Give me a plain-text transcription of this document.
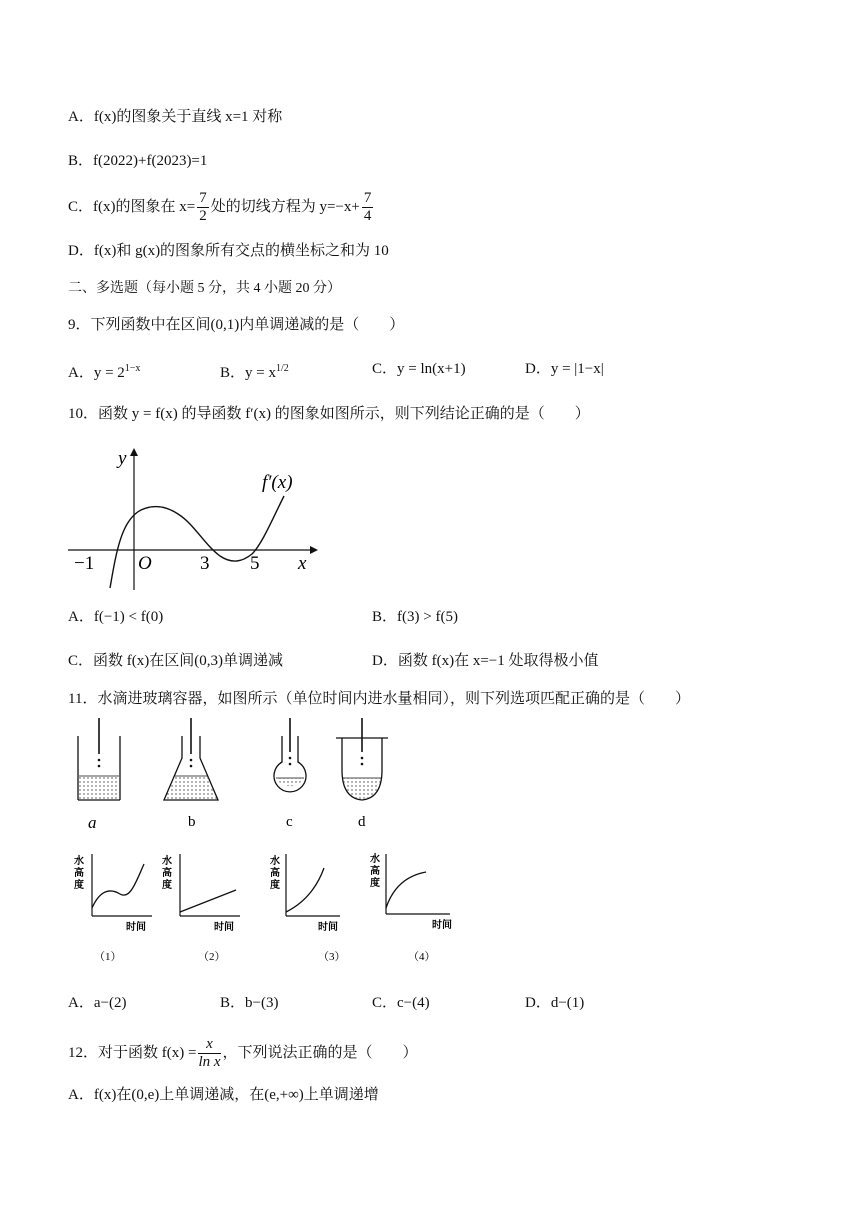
A．f(x)的图象关于直线 x=1 对称
B．f(2022)+f(2023)=1
C．f(x)的图象在 $x= \frac{7}{2}$ 处的切线方程为 $y=-x+ \frac{7}{4}$
D．f(x)和 g(x)的图象所有交点的横坐标之和为 10
二、多选题（每小题 5 分，共 4 小题 20 分）
9．下列函数中在区间(0,1)内单调递减的是（　　）
A．$y = 2^{1-x}$	B．$y = x^{1/2}$	C．y = ln(x+1)	D．y = |1−x|
10．函数 y = f(x) 的导函数 f′(x) 的图象如图所示，则下列结论正确的是（　　）
y
x
f′(x)
O
−1	3 5
A．f(−1) < f(0)	B．f(3) > f(5)
C．函数 f(x)在区间(0,3)单调递减	D．函数 f(x)在 x=−1 处取得极小值
11．水滴进玻璃容器，如图所示（单位时间内进水量相同），则下列选项匹配正确的是（　　）
a	b	c	d
水
高
度
时间
（1）
水
高
度
时间
（2）
水
高
度
时间
（3）
水
高
度
时间
（4）
A．a−(2)	B．b−(3)	C．c−(4)	D．d−(1)
12．对于函数 $f(x) = \frac{x}{\text{ln x}}$ ，下列说法正确的是（　　）
A．f(x)在(0,e)上单调递减，在(e,+∞)上单调递增
